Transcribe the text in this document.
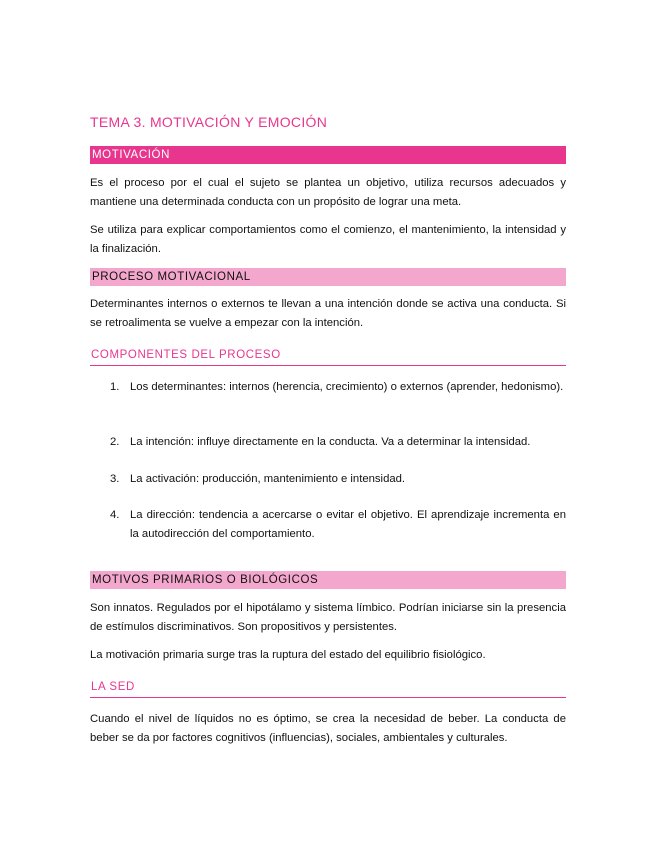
TEMA 3. MOTIVACIÓN Y EMOCIÓN
MOTIVACIÓN

Es el proceso por el cual el sujeto se plantea un objetivo, utiliza recursos adecuados y mantiene una determinada conducta con un propósito de lograr una meta.

Se utiliza para explicar comportamientos como el comienzo, el mantenimiento, la intensidad y la finalización.

PROCESO MOTIVACIONAL

Determinantes internos o externos te llevan a una intención donde se activa una conducta. Si se retroalimenta se vuelve a empezar con la intención.

COMPONENTES DEL PROCESO
1. Los determinantes: internos (herencia, crecimiento) o externos (aprender, hedonismo).
2. La intención: influye directamente en la conducta. Va a determinar la intensidad.
3. La activación: producción, mantenimiento e intensidad.
4. La dirección: tendencia a acercarse o evitar el objetivo. El aprendizaje incrementa en la autodirección del comportamiento.
MOTIVOS PRIMARIOS O BIOLÓGICOS

Son innatos. Regulados por el hipotálamo y sistema límbico. Podrían iniciarse sin la presencia de estímulos discriminativos. Son propositivos y persistentes.

La motivación primaria surge tras la ruptura del estado del equilibrio fisiológico.

LA SED

Cuando el nivel de líquidos no es óptimo, se crea la necesidad de beber. La conducta de beber se da por factores cognitivos (influencias), sociales, ambientales y culturales.
